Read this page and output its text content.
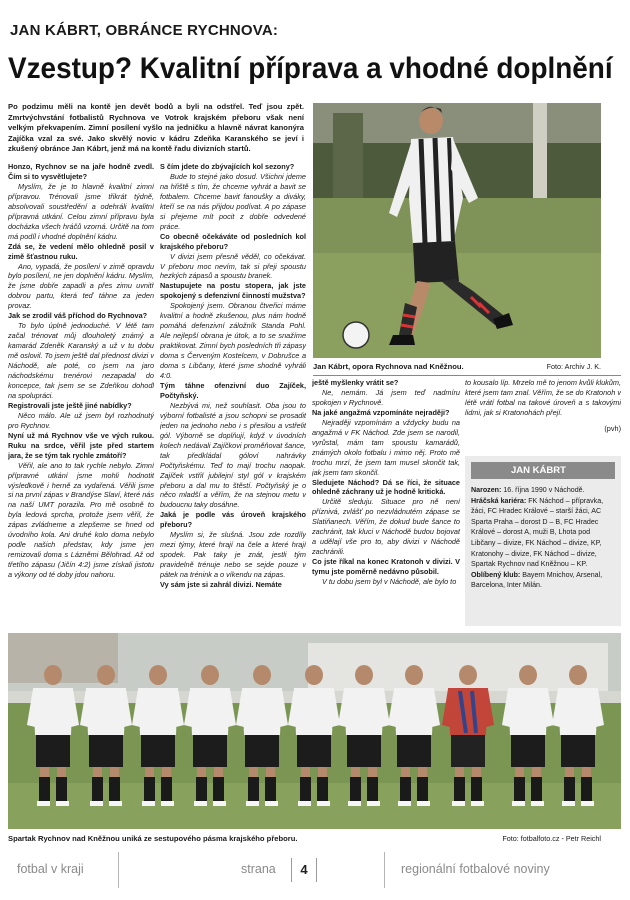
JAN KÁBRT, OBRÁNCE RYCHNOVA:
Vzestup? Kvalitní příprava a vhodné doplnění
Po podzimu měli na kontě jen devět bodů a byli na odstřel. Teď jsou zpět. Zmrtvýchvstání fotbalistů Rychnova ve Votrok krajském přeboru však není velkým překvapením. Zimní posílení vyšlo na jedničku a hlavně návrat kanonýra Zajíčka vzal za své. Jako skvělý novic v kádru Zdeňka Karanského se jeví i zkušený obránce Jan Kábrt, jenž má na kontě řadu divizních startů.

Honzo, Rychnov se na jaře hodně zvedl. Čím si to vysvětlujete?

Myslím, že je to hlavně kvalitní zimní přípravou. Trénovali jsme třikrát týdně, absolvovali soustředění a odehráli kvalitní přípravná utkání. Celou zimní přípravu byla docházka všech hráčů vzorná. Určitě na tom má podíl i vhodné doplnění kádru.

Zdá se, že vedení mělo ohledně posil v zimě šťastnou ruku.

Ano, vypadá, že posílení v zimě opravdu bylo posílení, ne jen doplnění kádru. Myslím, že jsme dobře zapadli a přes zimu uvnitř dobrou partu, která teď táhne za jeden provaz.

Jak se zrodil váš příchod do Rychnova?

To bylo úplně jednoduché. V létě tam začal trénovat můj dlouholetý známý a kamarád Zdeněk Karanský a už v tu dobu mě oslovil. To jsem ještě dal přednost divizi v Náchodě, ale poté, co jsem na jaro náchodskému trenérovi nezapadal do koncepce, tak jsem se se Zdeňkou dohodl na spolupráci.

Registrovali jste ještě jiné nabídky?

Něco málo. Ale už jsem byl rozhodnutý pro Rychnov.

Nyní už má Rychnov vše ve vých rukou. Ruku na srdce, věřil jste před startem jara, že se tým tak rychle zmátoří?

Věřil, ale ano to tak rychle nebylo. Zimní přípravné utkání jsme mohli hodnotit výsledkově i herně za vydařená. Věřili jsme si na první zápas v Brandýse Slaví, které nás na naší UMT porazila. Pro mě osobně to byla ledová sprcha, protože jsem věřil, že zápas zvládneme a zlepšeme se hned od úvodního kola. Ani druhé kolo doma nebylo podle našich představ, kdy jsme jen remizovali doma s Lázněmi Bělohrad. Až od třetího zápasu (Jičín 4:2) jsme získali jistotu a výkony od té doby jdou nahoru.

S čím jdete do zbývajících kol sezony?

Bude to stejné jako dosud. Všichni jdeme na hřiště s tím, že chceme vyhrát a bavit se fotbalem. Chceme bavit fanoušky a diváky, kteří se na nás přijdou podívat. A po zápase si přejeme mít pocit z dobře odvedené práce.

Co obecně očekáváte od posledních kol krajského přeboru?

V divizi jsem přesně věděl, co očekávat. V přeboru moc nevím, tak si přeji spoustu hezkých zápasů a spoustu branek.

Nastupujete na postu stopera, jak jste spokojený s defenzivní činností mužstva?

Spokojený jsem. Obranou čtveřici máme kvalitní a hodně zkušenou, plus nám hodně pomáhá defenzivní záložník Standa Pohl. Ale nejlepší obrana je útok, a to se snažíme praktikovat. Zimní bych posledních tři zápasy doma s Červeným Kostelcem, v Dobrušce a doma s Libčany, které jsme shodně vyhráli 4:0.

Tým táhne ofenzivní duo Zajíček, Počtyňský.

Nezbývá mi, než souhlasit. Oba jsou to výborní fotbalisté a jsou schopni se prosadit jeden na jednoho nebo i s přesilou a vstřelit gól. Výborně se doplňují, když v úvodních kolech nedávali Zajíčkovi proměňovat šance, tak předkládal góloví nahrávky Počtyňskému. Teď to mají trochu naopak. Zajíček vstřil jubilejní styl gól v krajském přeboru a dal mu to štěstí. Počtyňský je o něco mladší a věřím, že na stejnou metu v budoucnu taky dosáhne.

Jaká je podle vás úroveň krajského přeboru?

Myslím si, že slušná. Jsou zde rozdíly mezi týmy, které hrají na čele a které hrají spodek. Pak taky je znát, jestli tým pravidelně trénuje nebo se sejde pouze v pátek na trénink a o víkendu na zápas.

Vy sám jste si zahrál divizi. Nemáte

Jan Kábrt, opora Rychnova nad Kněžnou.	Foto: Archiv J. K.

ještě myšlenky vrátit se?

Ne, nemám. Já jsem teď nadmíru spokojen v Rychnově.

Na jaké angažmá vzpomínáte nejraději?

Nejraději vzpomínám a vždycky budu na angažmá v FK Náchod. Zde jsem se narodil, vyrůstal, mám tam spoustu kamarádů, známých okolo fotbalu i mimo něj. Proto mě trochu mrzí, že jsem tam musel skončit tak, jak jsem tam skončil.

Sledujete Náchod? Dá se říci, že situace ohledně záchrany už je hodně kritická.

Určitě sleduju. Situace pro ně není příznivá, zvlášť po nezvládnutém zápase se Slatiňanech. Věřím, že dokud bude šance to zachránit, tak kluci v Náchodě budou bojovat a udělají vše pro to, aby divizi v Náchodě zachránili.

Co jste říkal na konec Kratonoh v divizi. V tymu jste poměrně nedávno působil.

V tu dobu jsem byl v Náchodě, ale bylo to

to kousalo líp. Mrzelo mě to jenom kvůli klukům, které jsem tam znal. Věřím, že se do Kratonoh v létě vrátí fotbal na takové úroveň a s takovými lidmi, jak si Kratonohách přejí.

(pvh)

JAN KÁBRT
Narozen: 16. října 1990 v Náchodě.
Hráčská kariéra: FK Náchod – přípravka, žáci, FC Hradec Králové – starší žáci, AC Sparta Praha – dorost D – B, FC Hradec Králové – dorost A, muži B, Lhota pod Libčany – divize, FK Náchod – divize, KP, Kratonohy – divize, FK Náchod – divize, Spartak Rychnov nad Kněžnou – KP.
Oblíbený klub: Bayern Mnichov, Arsenal, Barcelona, Inter Milán.
Spartak Rychnov nad Kněžnou uniká ze sestupového pásma krajského přeboru.	Foto: fotbalfoto.cz - Petr Reichl
fotbal v kraji	strana	4	regionální fotbalové noviny
